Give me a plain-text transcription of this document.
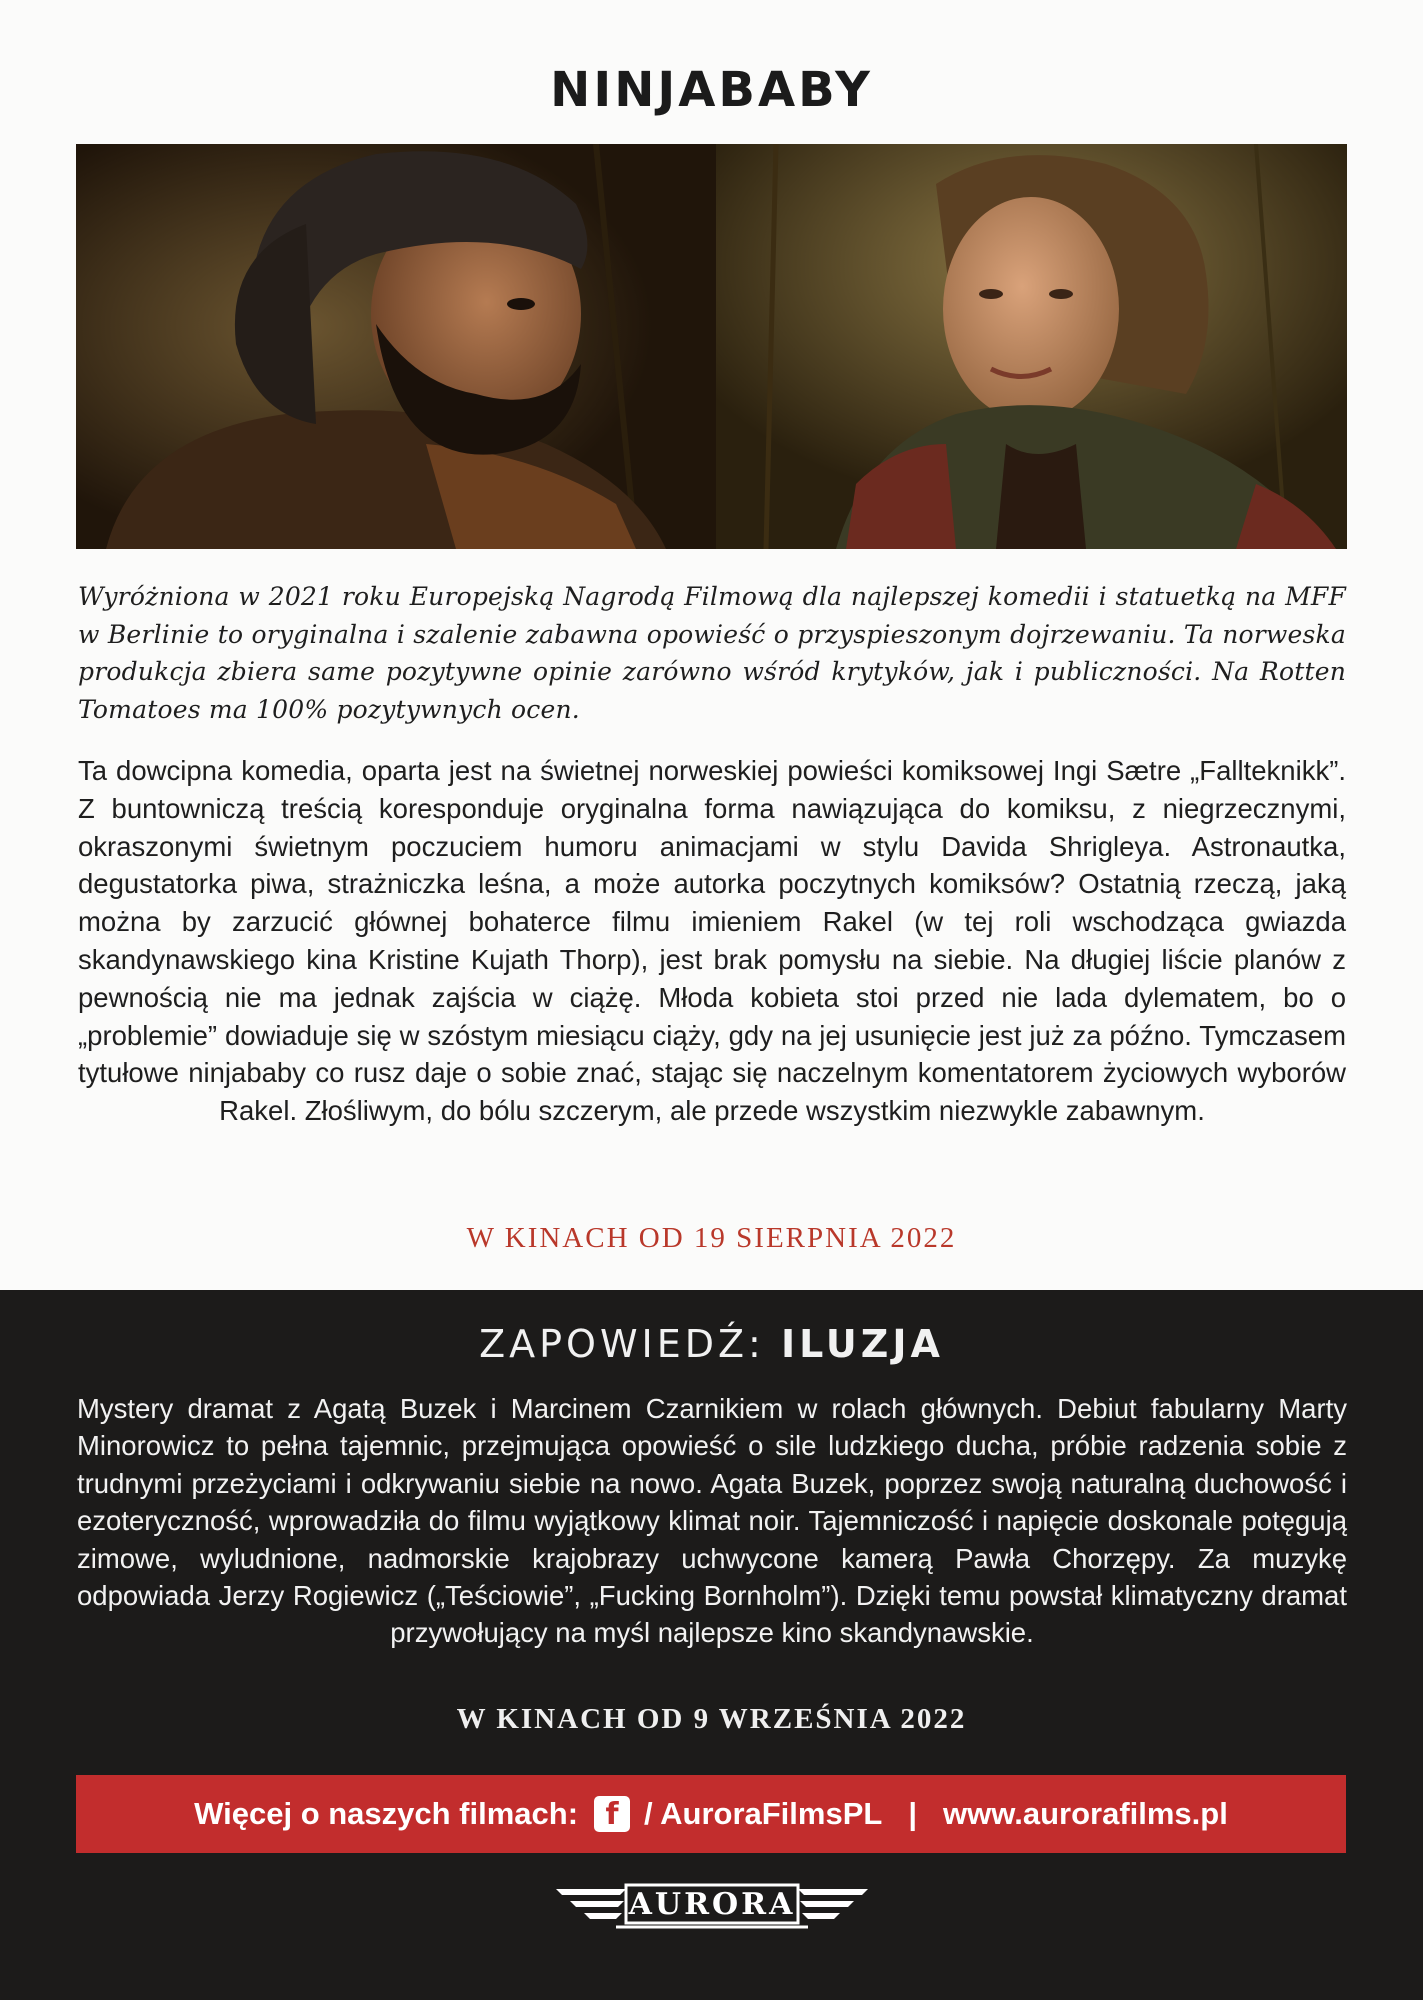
NINJABABY

Wyróżniona w 2021 roku Europejską Nagrodą Filmową dla najlepszej komedii i statuetką na MFF w Berlinie to oryginalna i szalenie zabawna opowieść o przyspieszonym dojrzewaniu. Ta norweska produkcja zbiera same pozytywne opinie zarówno wśród krytyków, jak i publiczności. Na Rotten Tomatoes ma 100% pozytywnych ocen.

Ta dowcipna komedia, oparta jest na świetnej norweskiej powieści komiksowej Ingi Sætre „Fallteknikk”. Z buntowniczą treścią koresponduje oryginalna forma nawiązująca do komiksu, z niegrzecznymi, okraszonymi świetnym poczuciem humoru animacjami w stylu Davida Shrigleya. Astronautka, degustatorka piwa, strażniczka leśna, a może autorka poczytnych komiksów? Ostatnią rzeczą, jaką można by zarzucić głównej bohaterce filmu imieniem Rakel (w tej roli wschodząca gwiazda skandynawskiego kina Kristine Kujath Thorp), jest brak pomysłu na siebie. Na długiej liście planów z pewnością nie ma jednak zajścia w ciążę. Młoda kobieta stoi przed nie lada dylematem, bo o „problemie” dowiaduje się w szóstym miesiącu ciąży, gdy na jej usunięcie jest już za późno. Tymczasem tytułowe ninjababy co rusz daje o sobie znać, stając się naczelnym komentatorem życiowych wyborów Rakel. Złośliwym, do bólu szczerym, ale przede wszystkim niezwykle zabawnym.

W KINACH OD 19 SIERPNIA 2022
ZAPOWIEDŹ: ILUZJA

Mystery dramat z Agatą Buzek i Marcinem Czarnikiem w rolach głównych. Debiut fabularny Marty Minorowicz to pełna tajemnic, przejmująca opowieść o sile ludzkiego ducha, próbie radzenia sobie z trudnymi przeżyciami i odkrywaniu siebie na nowo. Agata Buzek, poprzez swoją naturalną duchowość i ezoteryczność, wprowadziła do filmu wyjątkowy klimat noir. Tajemniczość i napięcie doskonale potęgują zimowe, wyludnione, nadmorskie krajobrazy uchwycone kamerą Pawła Chorzępy. Za muzykę odpowiada Jerzy Rogiewicz („Teściowie”, „Fucking Bornholm”). Dzięki temu powstał klimatyczny dramat przywołujący na myśl najlepsze kino skandynawskie.

W KINACH OD 9 WRZEŚNIA 2022
Więcej o naszych filmach: f / AuroraFilmsPL | www.aurorafilms.pl
AURORA
